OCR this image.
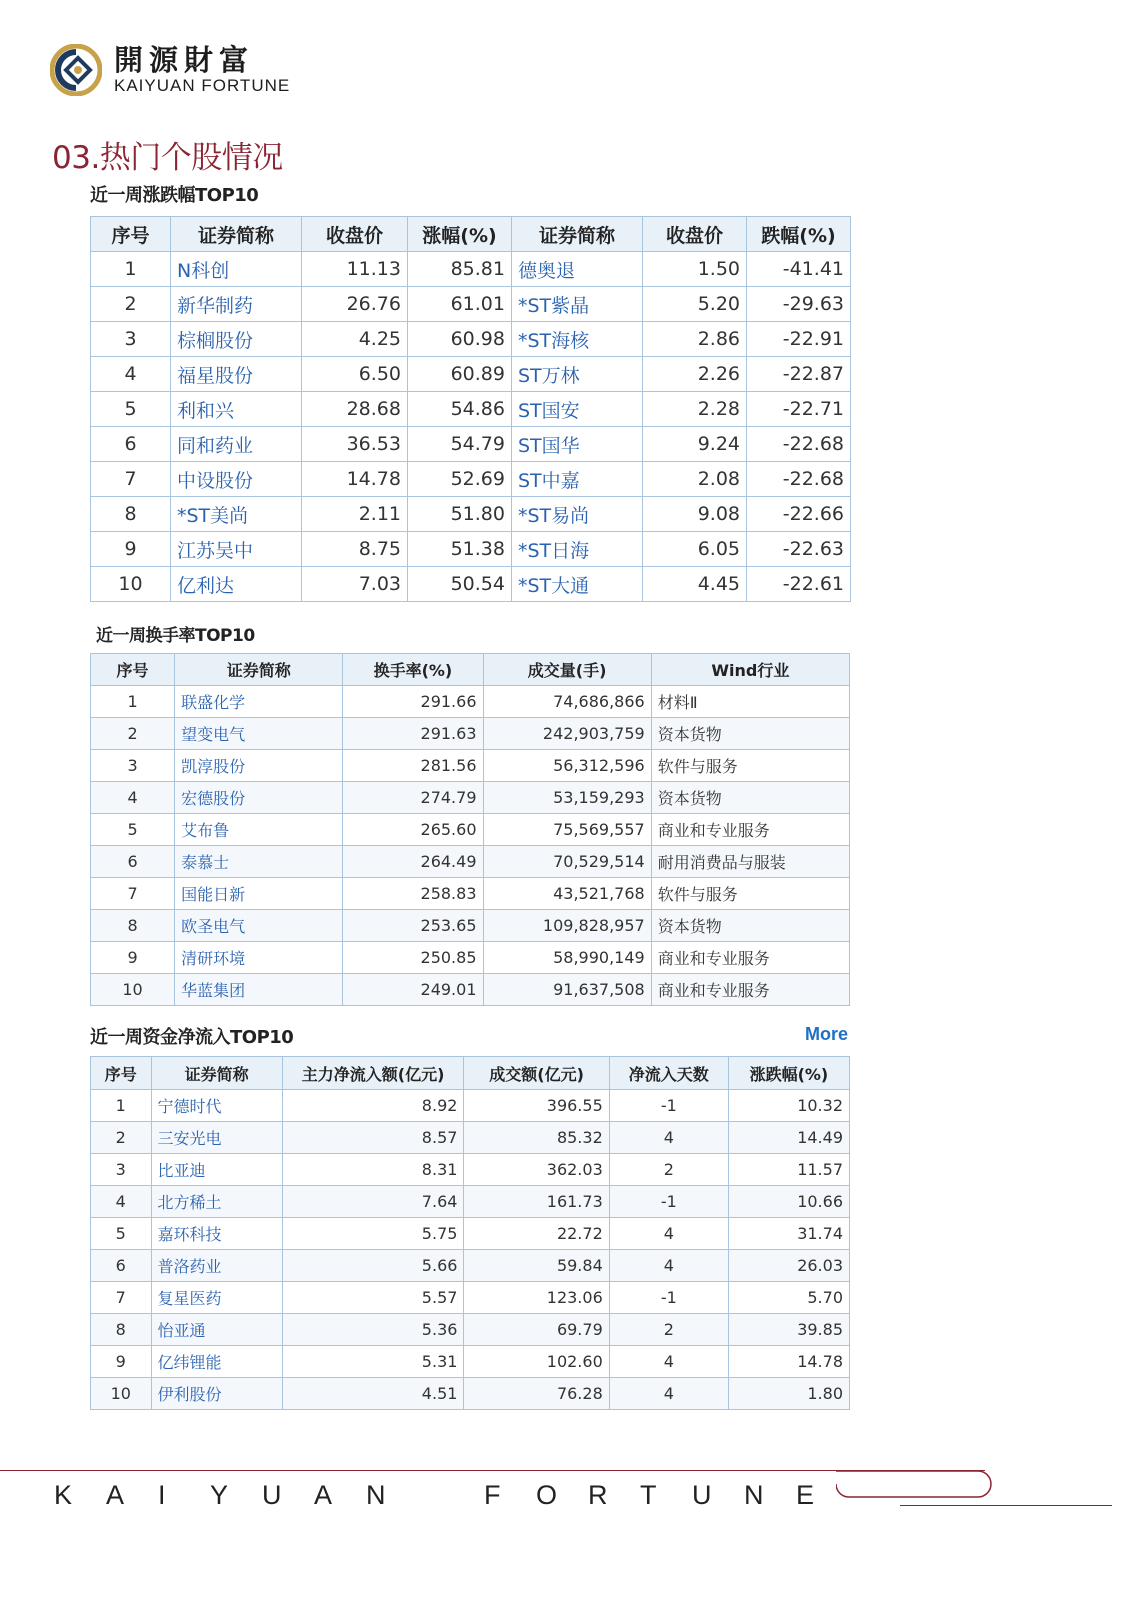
開源財富
KAIYUAN FORTUNE
03.热门个股情况
近一周涨跌幅TOP10
序号	证券简称	收盘价	涨幅(%)	证券简称	收盘价	跌幅(%)
1	N科创	11.13	85.81	德奥退	1.50	-41.41
2	新华制药	26.76	61.01	*ST紫晶	5.20	-29.63
3	棕榈股份	4.25	60.98	*ST海核	2.86	-22.91
4	福星股份	6.50	60.89	ST万林	2.26	-22.87
5	利和兴	28.68	54.86	ST国安	2.28	-22.71
6	同和药业	36.53	54.79	ST国华	9.24	-22.68
7	中设股份	14.78	52.69	ST中嘉	2.08	-22.68
8	*ST美尚	2.11	51.80	*ST易尚	9.08	-22.66
9	江苏吴中	8.75	51.38	*ST日海	6.05	-22.63
10	亿利达	7.03	50.54	*ST大通	4.45	-22.61
近一周换手率TOP10
序号	证券简称	换手率(%)	成交量(手)	Wind行业
1	联盛化学	291.66	74,686,866	材料Ⅱ
2	望变电气	291.63	242,903,759	资本货物
3	凯淳股份	281.56	56,312,596	软件与服务
4	宏德股份	274.79	53,159,293	资本货物
5	艾布鲁	265.60	75,569,557	商业和专业服务
6	泰慕士	264.49	70,529,514	耐用消费品与服装
7	国能日新	258.83	43,521,768	软件与服务
8	欧圣电气	253.65	109,828,957	资本货物
9	清研环境	250.85	58,990,149	商业和专业服务
10	华蓝集团	249.01	91,637,508	商业和专业服务
近一周资金净流入TOP10	More
序号	证券简称	主力净流入额(亿元)	成交额(亿元)	净流入天数	涨跌幅(%)
1	宁德时代	8.92	396.55	-1	10.32
2	三安光电	8.57	85.32	4	14.49
3	比亚迪	8.31	362.03	2	11.57
4	北方稀土	7.64	161.73	-1	10.66
5	嘉环科技	5.75	22.72	4	31.74
6	普洛药业	5.66	59.84	4	26.03
7	复星医药	5.57	123.06	-1	5.70
8	怡亚通	5.36	69.79	2	39.85
9	亿纬锂能	5.31	102.60	4	14.78
10	伊利股份	4.51	76.28	4	1.80
K A I Y U A N	F O R T U N E
